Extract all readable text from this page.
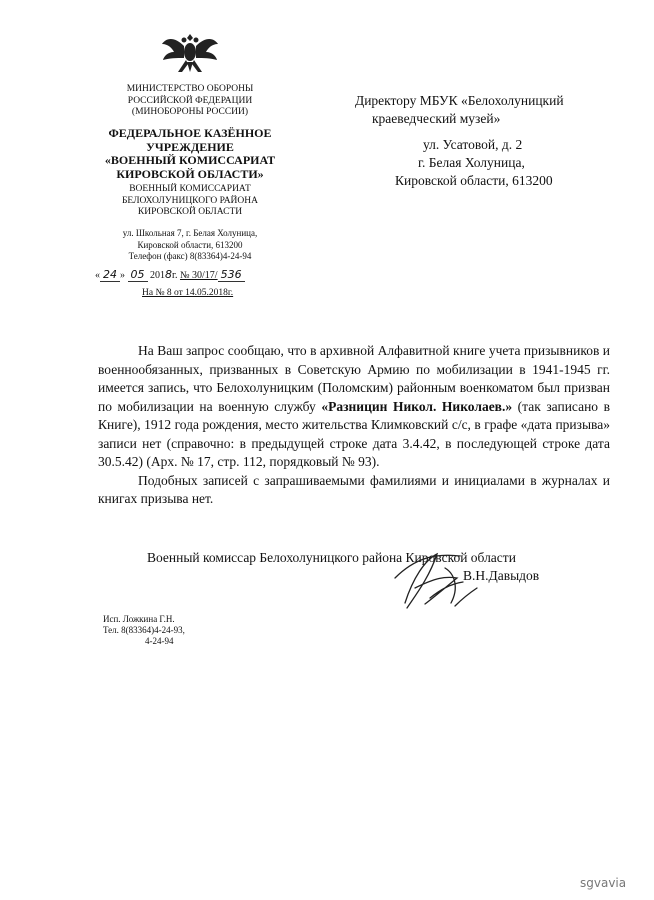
МИНИСТЕРСТВО ОБОРОНЫ
РОССИЙСКОЙ ФЕДЕРАЦИИ
(МИНОБОРОНЫ РОССИИ)
ФЕДЕРАЛЬНОЕ КАЗЁННОЕ
УЧРЕЖДЕНИЕ
«ВОЕННЫЙ КОМИССАРИАТ
КИРОВСКОЙ ОБЛАСТИ»
ВОЕННЫЙ КОМИССАРИАТ
БЕЛОХОЛУНИЦКОГО РАЙОНА
КИРОВСКОЙ ОБЛАСТИ
ул. Школьная 7, г. Белая Холуница,
Кировской области, 613200
Телефон (факс) 8(83364)4-24-94
« 24 » 05 2018г. № 30/17/ 536
На № 8 от 14.05.2018г.
Директору МБУК «Белохолуницкий
краеведческий музей»
ул. Усатовой, д. 2
г. Белая Холуница,
Кировской области, 613200

На Ваш запрос сообщаю, что в архивной Алфавитной книге учета призывников и военнообязанных, призванных в Советскую Армию по мобилизации в 1941-1945 гг. имеется запись, что Белохолуницким (Поломским) районным военкоматом был призван по мобилизации на военную службу «Разницин Никол. Николаев.» (так записано в Книге), 1912 года рождения, место жительства Климковский с/с, в графе «дата призыва» записи нет (справочно: в предыдущей строке дата 3.4.42, в последующей строке дата 30.5.42) (Арх. № 17, стр. 112, порядковый № 93).

Подобных записей с запрашиваемыми фамилиями и инициалами в журналах и книгах призыва нет.

Военный комиссар Белохолуницкого района Кировской области
В.Н.Давыдов
Исп. Ложкина Г.Н.
Тел. 8(83364)4-24-93,
4-24-94
sgvavia
